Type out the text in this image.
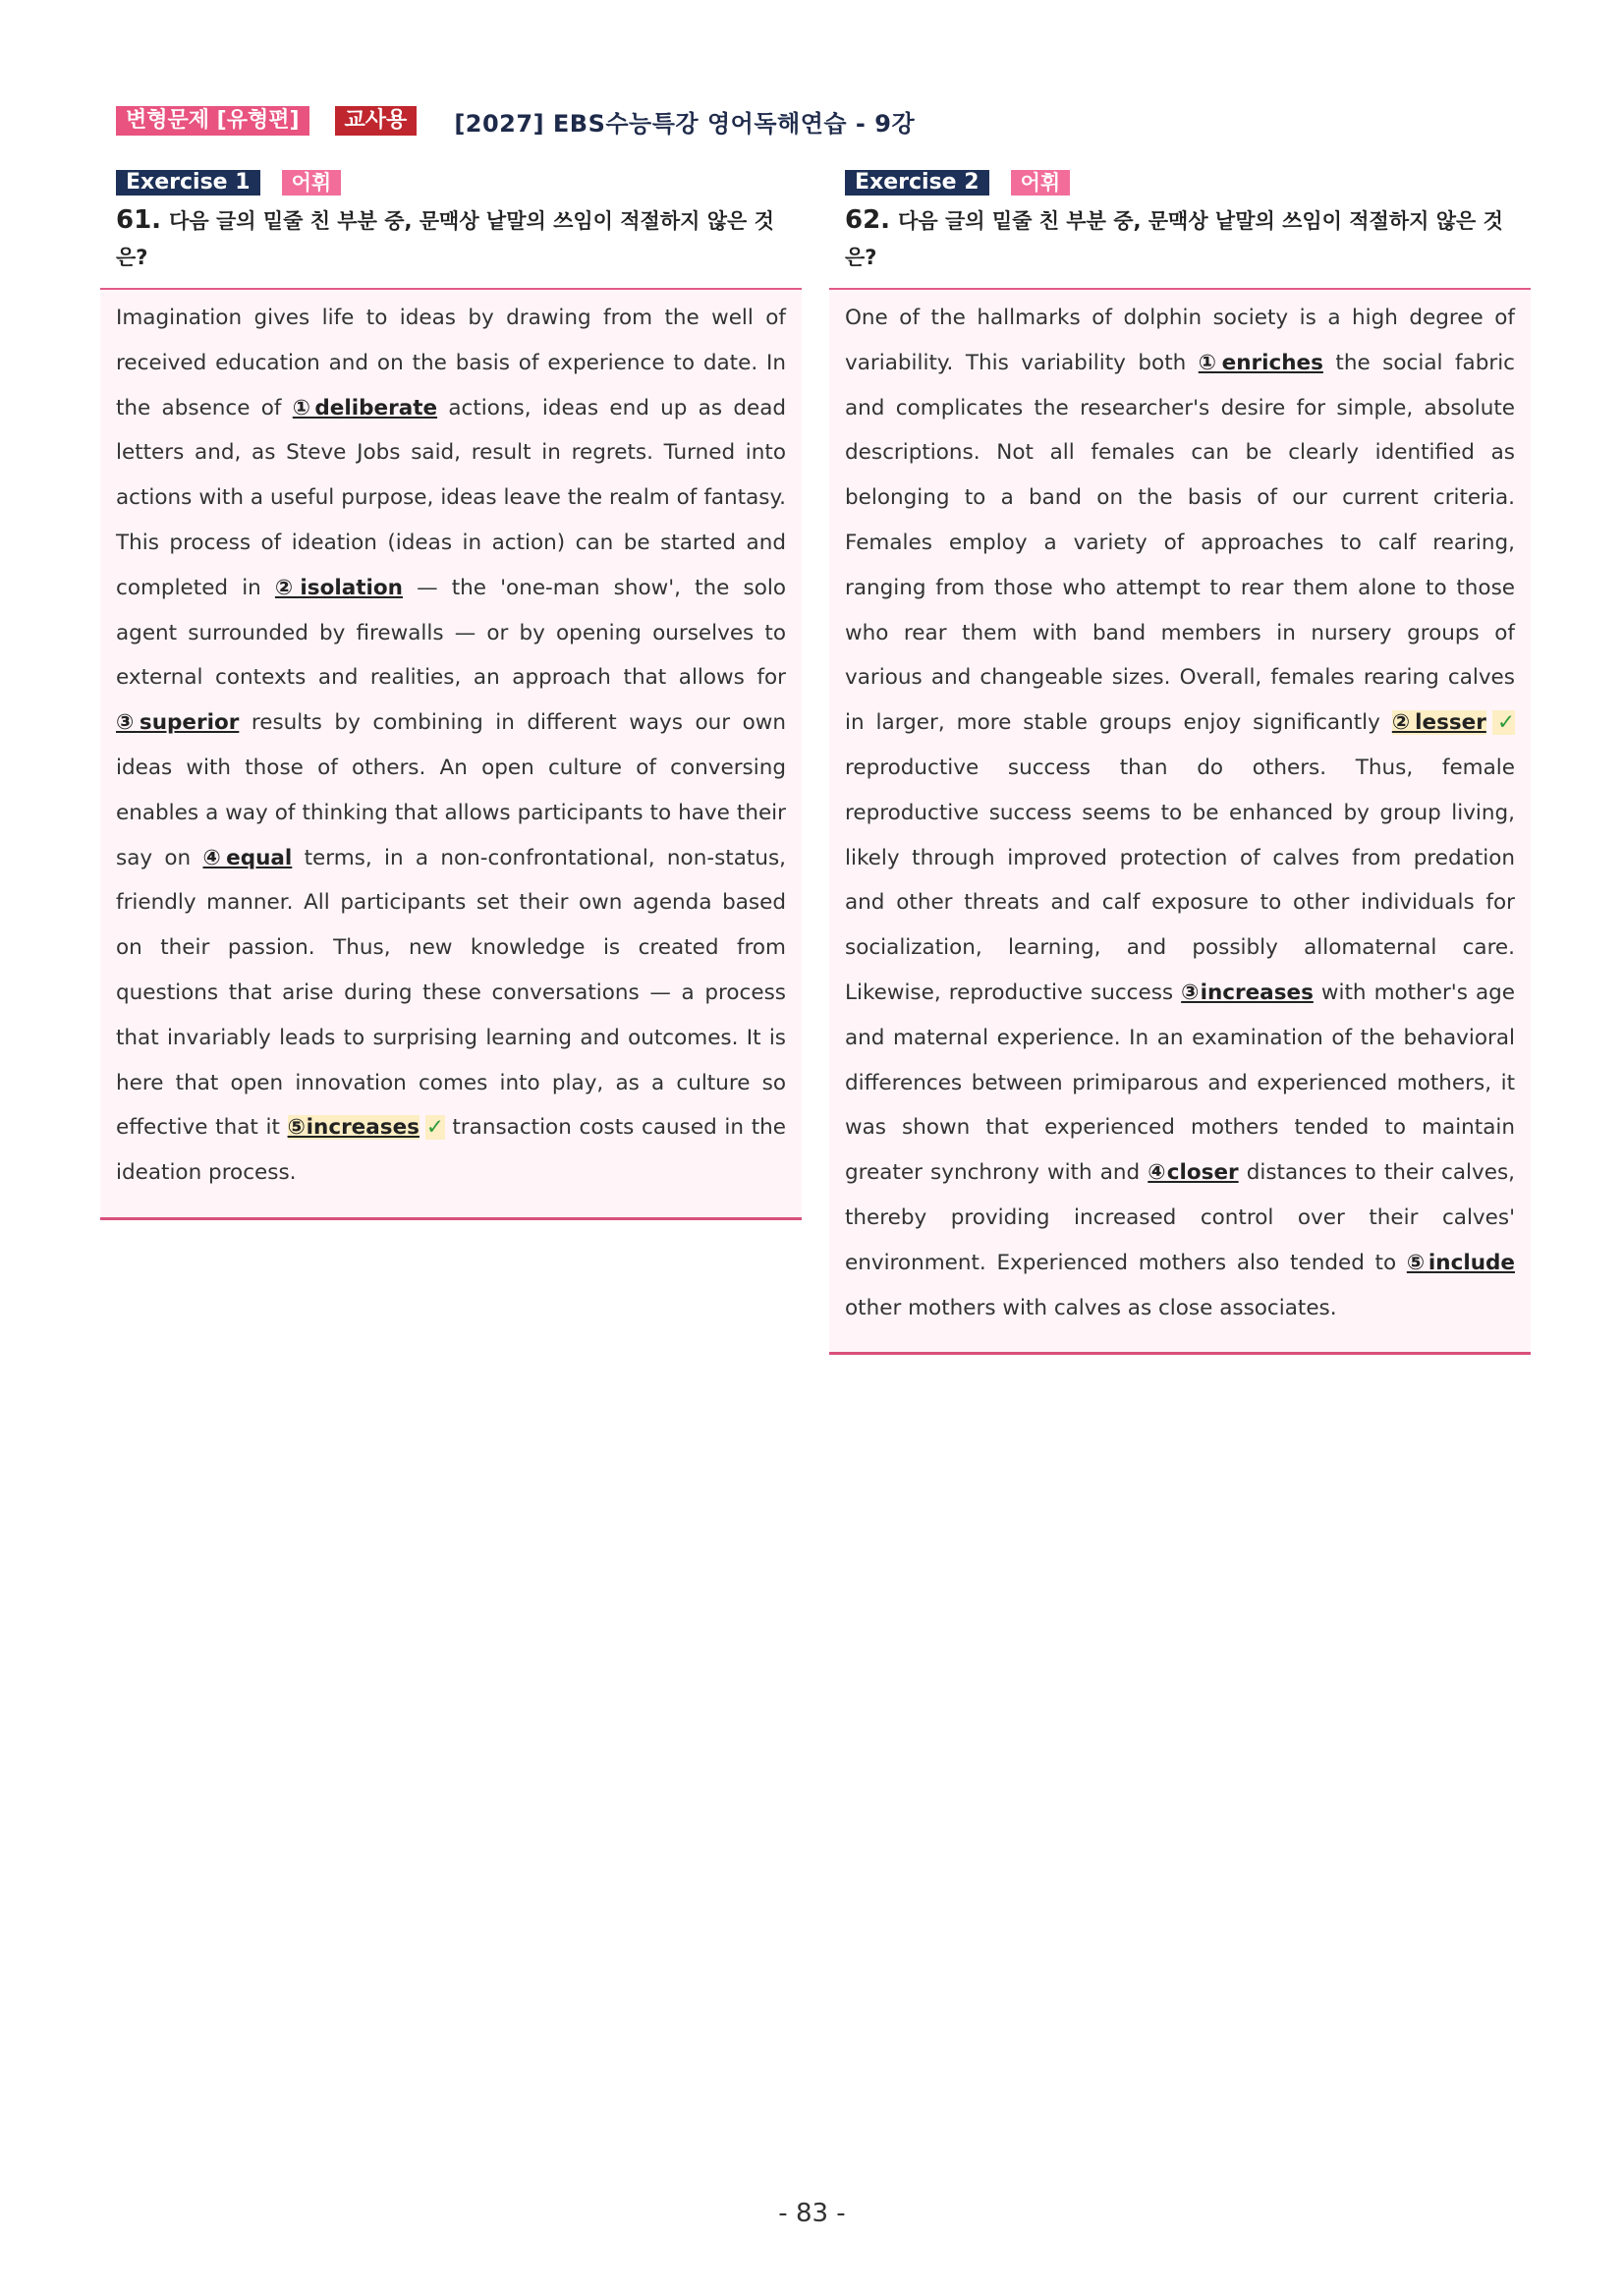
변형문제 [유형편]	교사용	[2027] EBS수능특강 영어독해연습 - 9강
Exercise 1	어휘
61. 다음 글의 밑줄 친 부분 중, 문맥상 낱말의 쓰임이 적절하지 않은 것은?
Imagination gives life to ideas by drawing from the well of received education and on the basis of experience to date. In the absence of ①deliberate actions, ideas end up as dead letters and, as Steve Jobs said, result in regrets. Turned into actions with a useful purpose, ideas leave the realm of fantasy. This process of ideation (ideas in action) can be started and completed in ②isolation — the 'one-man show', the solo agent surrounded by firewalls — or by opening ourselves to external contexts and realities, an approach that allows for ③superior results by combining in different ways our own ideas with those of others. An open culture of conversing enables a way of thinking that allows participants to have their say on ④equal terms, in a non-confrontational, non-status, friendly manner. All participants set their own agenda based on their passion. Thus, new knowledge is created from questions that arise during these conversations — a process that invariably leads to surprising learning and outcomes. It is here that open innovation comes into play, as a culture so effective that it ⑤increases ✓ transaction costs caused in the ideation process.
Exercise 2	어휘
62. 다음 글의 밑줄 친 부분 중, 문맥상 낱말의 쓰임이 적절하지 않은 것은?
One of the hallmarks of dolphin society is a high degree of variability. This variability both ①enriches the social fabric and complicates the researcher's desire for simple, absolute descriptions. Not all females can be clearly identified as belonging to a band on the basis of our current criteria. Females employ a variety of approaches to calf rearing, ranging from those who attempt to rear them alone to those who rear them with band members in nursery groups of various and changeable sizes. Overall, females rearing calves in larger, more stable groups enjoy significantly ②lesser ✓ reproductive success than do others. Thus, female reproductive success seems to be enhanced by group living, likely through improved protection of calves from predation and other threats and calf exposure to other individuals for socialization, learning, and possibly allomaternal care. Likewise, reproductive success ③increases with mother's age and maternal experience. In an examination of the behavioral differences between primiparous and experienced mothers, it was shown that experienced mothers tended to maintain greater synchrony with and ④closer distances to their calves, thereby providing increased control over their calves' environment. Experienced mothers also tended to ⑤include other mothers with calves as close associates.
- 83 -
